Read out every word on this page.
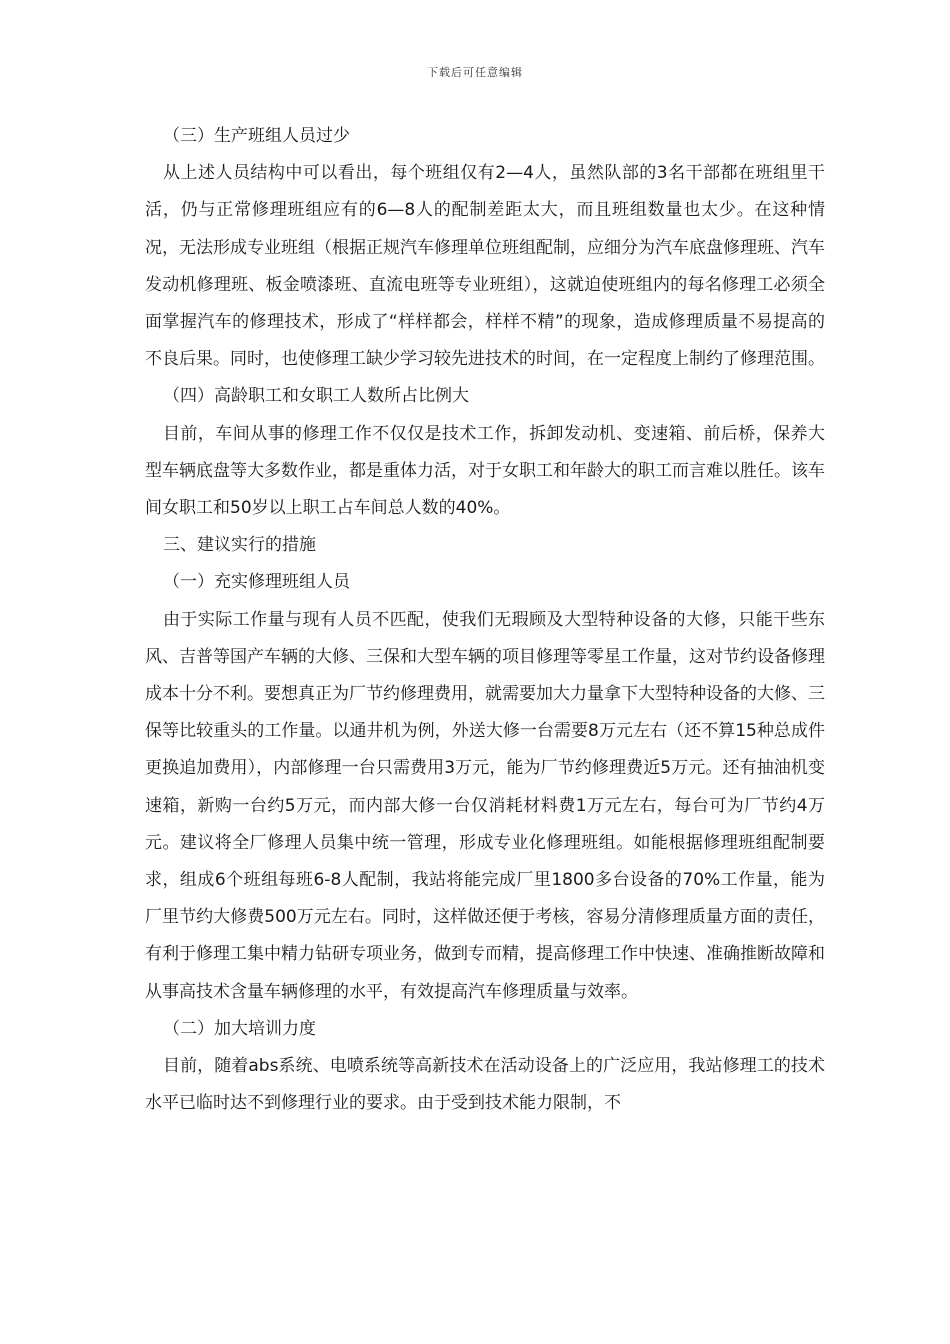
下载后可任意编辑

（三）生产班组人员过少

从上述人员结构中可以看出，每个班组仅有2—4人，虽然队部的3名干部都在班组里干活，仍与正常修理班组应有的6—8人的配制差距太大，而且班组数量也太少。在这种情况，无法形成专业班组（根据正规汽车修理单位班组配制，应细分为汽车底盘修理班、汽车发动机修理班、板金喷漆班、直流电班等专业班组），这就迫使班组内的每名修理工必须全面掌握汽车的修理技术，形成了“样样都会，样样不精”的现象，造成修理质量不易提高的不良后果。同时，也使修理工缺少学习较先进技术的时间，在一定程度上制约了修理范围。

（四）高龄职工和女职工人数所占比例大

目前，车间从事的修理工作不仅仅是技术工作，拆卸发动机、变速箱、前后桥，保养大型车辆底盘等大多数作业，都是重体力活，对于女职工和年龄大的职工而言难以胜任。该车间女职工和50岁以上职工占车间总人数的40%。

三、建议实行的措施

（一）充实修理班组人员

由于实际工作量与现有人员不匹配，使我们无瑕顾及大型特种设备的大修，只能干些东风、吉普等国产车辆的大修、三保和大型车辆的项目修理等零星工作量，这对节约设备修理成本十分不利。要想真正为厂节约修理费用，就需要加大力量拿下大型特种设备的大修、三保等比较重头的工作量。以通井机为例，外送大修一台需要8万元左右（还不算15种总成件更换追加费用），内部修理一台只需费用3万元，能为厂节约修理费近5万元。还有抽油机变速箱，新购一台约5万元，而内部大修一台仅消耗材料费1万元左右，每台可为厂节约4万元。建议将全厂修理人员集中统一管理，形成专业化修理班组。如能根据修理班组配制要求，组成6个班组每班6-8人配制，我站将能完成厂里1800多台设备的70%工作量，能为厂里节约大修费500万元左右。同时，这样做还便于考核，容易分清修理质量方面的责任，有利于修理工集中精力钻研专项业务，做到专而精，提高修理工作中快速、准确推断故障和从事高技术含量车辆修理的水平，有效提高汽车修理质量与效率。

（二）加大培训力度

目前，随着abs系统、电喷系统等高新技术在活动设备上的广泛应用，我站修理工的技术水平已临时达不到修理行业的要求。由于受到技术能力限制，不
